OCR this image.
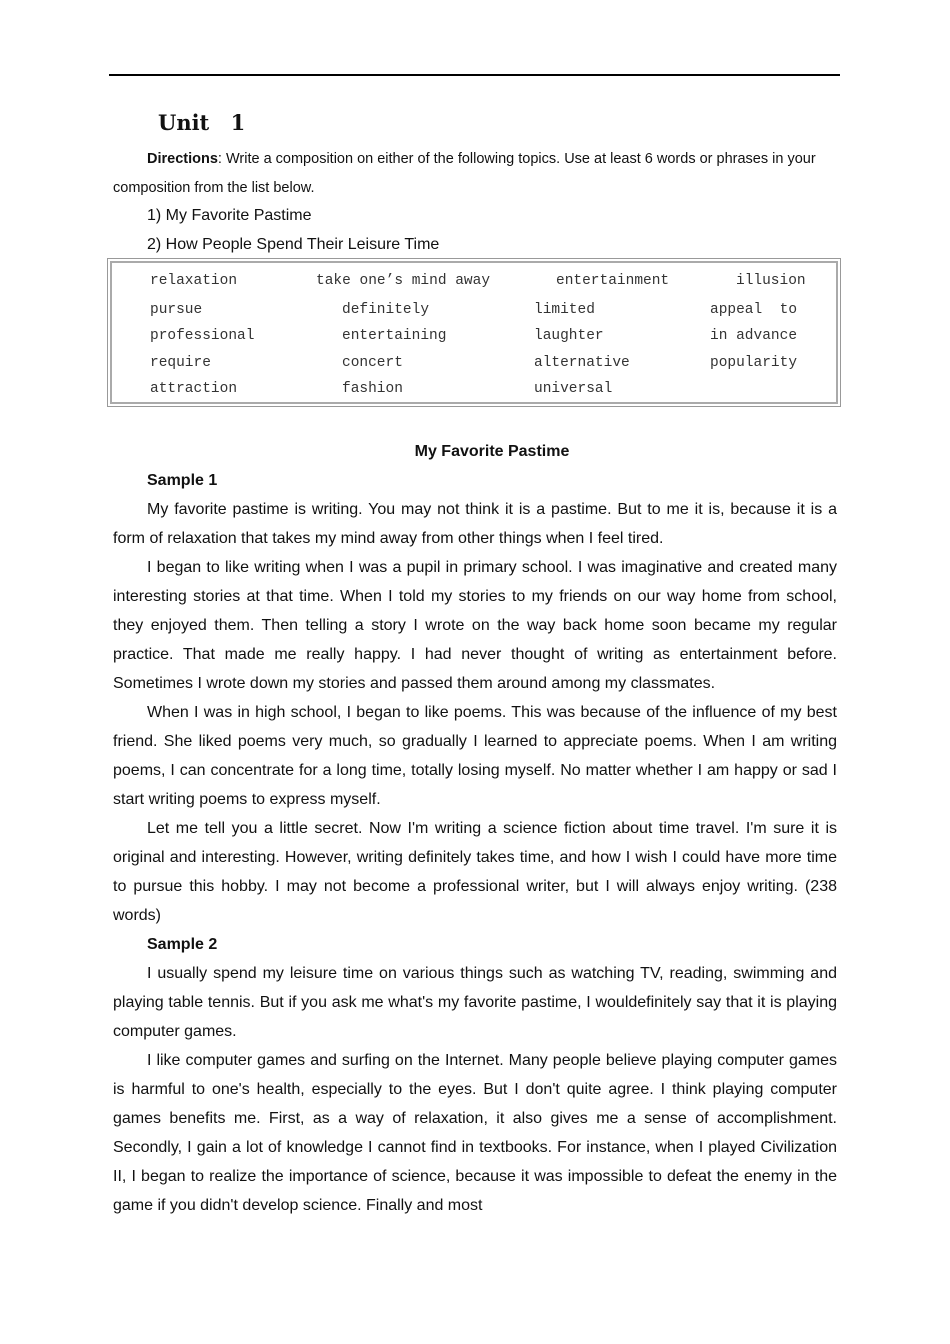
Unit 1
Directions: Write a composition on either of the following topics. Use at least 6 words or phrases in your composition from the list below.
1) My Favorite Pastime
2) How People Spend Their Leisure Time
relaxation	take one’s mind away	entertainment	illusion
pursue	definitely	limited	appeal  to
professional	entertaining	laughter	in advance
require	concert	alternative	popularity
attraction	fashion	universal
My Favorite Pastime
Sample 1

My favorite pastime is writing. You may not think it is a pastime. But to me it is, because it is a form of relaxation that takes my mind away from other things when I feel tired.

I began to like writing when I was a pupil in primary school. I was imaginative and created many interesting stories at that time. When I told my stories to my friends on our way home from school, they enjoyed them. Then telling a story I wrote on the way back home soon became my regular practice. That made me really happy. I had never thought of writing as entertainment before. Sometimes I wrote down my stories and passed them around among my classmates.

When I was in high school, I began to like poems. This was because of the influence of my best friend. She liked poems very much, so gradually I learned to appreciate poems. When I am writing poems, I can concentrate for a long time, totally losing myself. No matter whether I am happy or sad I start writing poems to express myself.

Let me tell you a little secret. Now I'm writing a science fiction about time travel. I'm sure it is original and interesting. However, writing definitely takes time, and how I wish I could have more time to pursue this hobby. I may not become a professional writer, but I will always enjoy writing. (238 words)

Sample 2

I usually spend my leisure time on various things such as watching TV, reading, swimming and playing table tennis. But if you ask me what's my favorite pastime, I wouldefinitely say that it is playing computer games.

I like computer games and surfing on the Internet. Many people believe playing computer games is harmful to one's health, especially to the eyes. But I don't quite agree. I think playing computer games benefits me. First, as a way of relaxation, it also gives me a sense of accomplishment. Secondly, I gain a lot of knowledge I cannot find in textbooks. For instance, when I played Civilization II, I began to realize the importance of science, because it was impossible to defeat the enemy in the game if you didn't develop science. Finally and most
